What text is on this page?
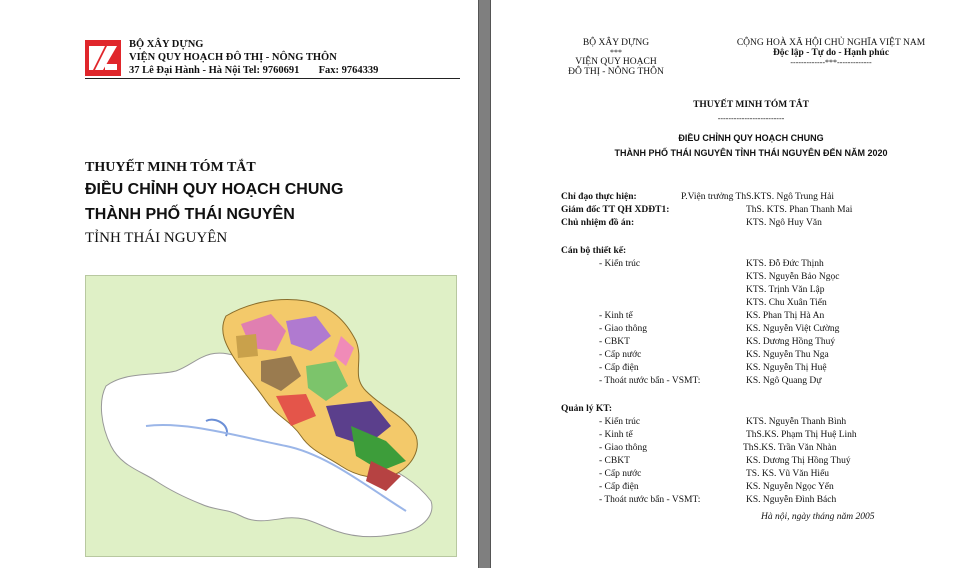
BỘ XÂY DỰNG
VIỆN QUY HOẠCH ĐÔ THỊ - NÔNG THÔN
37 Lê Đại Hành - Hà Nội Tel: 9760691 Fax: 9764339
THUYẾT MINH TÓM TẮT
ĐIỀU CHỈNH QUY HOẠCH CHUNG
THÀNH PHỐ THÁI NGUYÊN
TỈNH THÁI NGUYÊN
BỘ XÂY DỰNG
***
VIỆN QUY HOẠCH
ĐÔ THỊ - NÔNG THÔN
CỘNG HOÀ XÃ HỘI CHỦ NGHĨA VIỆT NAM
Độc lập - Tự do - Hạnh phúc
-------------***-------------
THUYẾT MINH TÓM TẮT
-------------------------
ĐIỀU CHỈNH QUY HOẠCH CHUNG
THÀNH PHỐ THÁI NGUYÊN TỈNH THÁI NGUYÊN ĐẾN NĂM 2020
Chỉ đạo thực hiện:	P.Viện trưởng ThS.KTS. Ngô Trung Hải
Giám đốc TT QH XDĐT1:	ThS. KTS. Phan Thanh Mai
Chủ nhiệm đồ án:	KTS. Ngô Huy Văn
Cán bộ thiết kế:
- Kiến trúc	KTS. Đỗ Đức Thịnh
KTS. Nguyễn Bảo Ngọc
KTS. Trịnh Văn Lập
KTS. Chu Xuân Tiến
- Kinh tế	KS. Phan Thị Hà An
- Giao thông	KS. Nguyễn Việt Cường
- CBKT	KS. Dương Hồng Thuý
- Cấp nước	KS. Nguyễn Thu Nga
- Cấp điện	KS. Nguyễn Thị Huệ
- Thoát nước bẩn - VSMT:	KS. Ngô Quang Dự
Quản lý KT:
- Kiến trúc	KTS. Nguyễn Thanh Bình
- Kinh tế	ThS.KS. Phạm Thị Huệ Linh
- Giao thông	ThS.KS. Trần Văn Nhàn
- CBKT	KS. Dương Thị Hồng Thuý
- Cấp nước	TS. KS. Vũ Văn Hiếu
- Cấp điện	KS. Nguyễn Ngọc Yến
- Thoát nước bẩn - VSMT:	KS. Nguyễn Đình Bách
Hà nội, ngày tháng năm 2005
